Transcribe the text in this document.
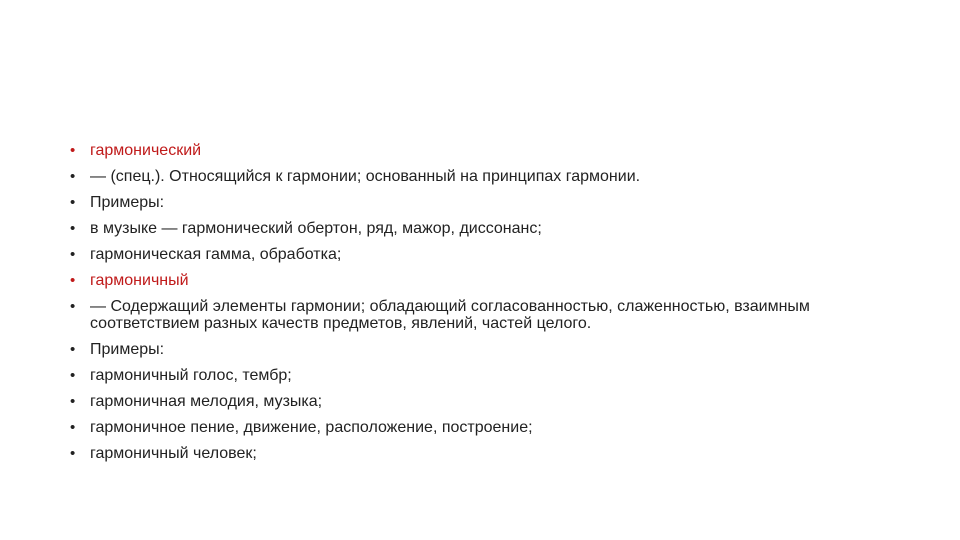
• гармонический
• — (спец.). Относящийся к гармонии; основанный на принципах гармонии.
• Примеры:
• в музыке — гармонический обертон, ряд, мажор, диссонанс;
• гармоническая гамма, обработка;
• гармоничный
• — Содержащий элементы гармонии; обладающий согласованностью, слаженностью, взаимным соответствием разных качеств предметов, явлений, частей целого.
• Примеры:
• гармоничный голос, тембр;
• гармоничная мелодия, музыка;
• гармоничное пение, движение, расположение, построение;
• гармоничный человек;
